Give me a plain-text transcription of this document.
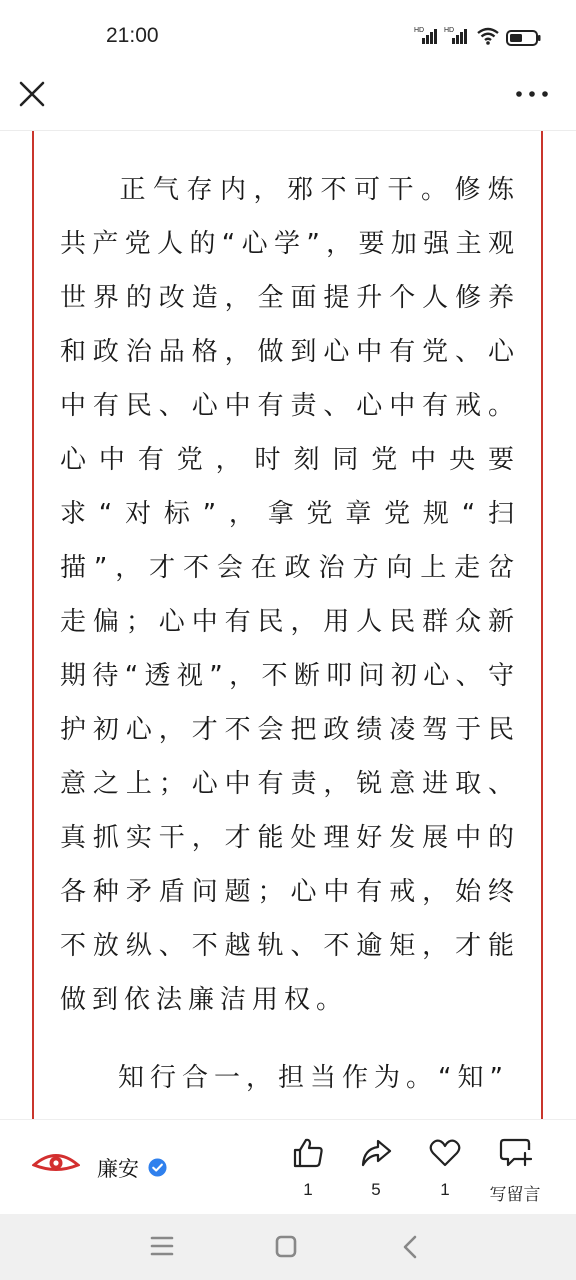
21:00	HD	HD

正气存内，邪不可干。修炼共产党人的“心学”，要加强主观世界的改造，全面提升个人修养和政治品格，做到心中有党、心中有民、心中有责、心中有戒。心中有党，时刻同党中央要求“对标”，拿党章党规“扫描”，才不会在政治方向上走岔走偏；心中有民，用人民群众新期待“透视”，不断叩问初心、守护初心，才不会把政绩凌驾于民意之上；心中有责，锐意进取、真抓实干，才能处理好发展中的各种矛盾问题；心中有戒，始终不放纵、不越轨、不逾矩，才能做到依法廉洁用权。

知行合一，担当作为。“知”

廉安
1	5	1	写留言
